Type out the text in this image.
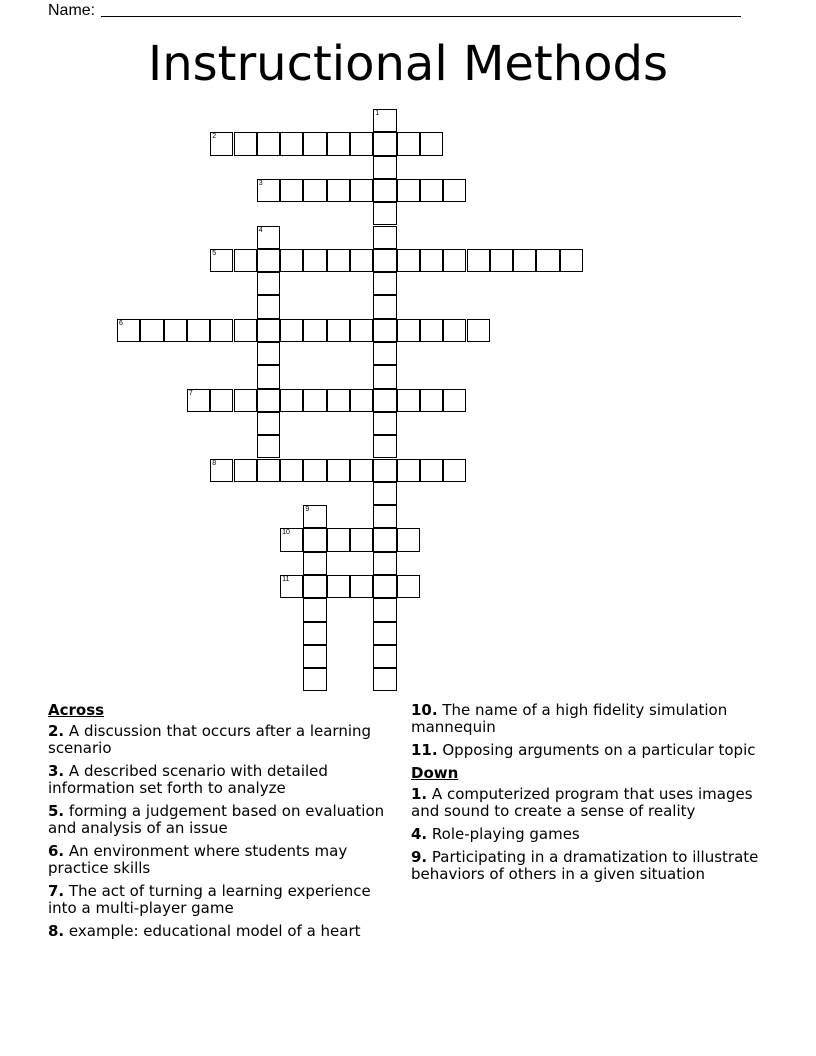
Name:
Instructional Methods
1
2
3
4
5
6
7
8
9
10
11
Across
2. A discussion that occurs after a learning scenario
3. A described scenario with detailed information set forth to analyze
5. forming a judgement based on evaluation and analysis of an issue
6. An environment where students may practice skills
7. The act of turning a learning experience into a multi-player game
8. example: educational model of a heart
10. The name of a high fidelity simulation mannequin
11. Opposing arguments on a particular topic
Down
1. A computerized program that uses images and sound to create a sense of reality
4. Role-playing games
9. Participating in a dramatization to illustrate behaviors of others in a given situation
